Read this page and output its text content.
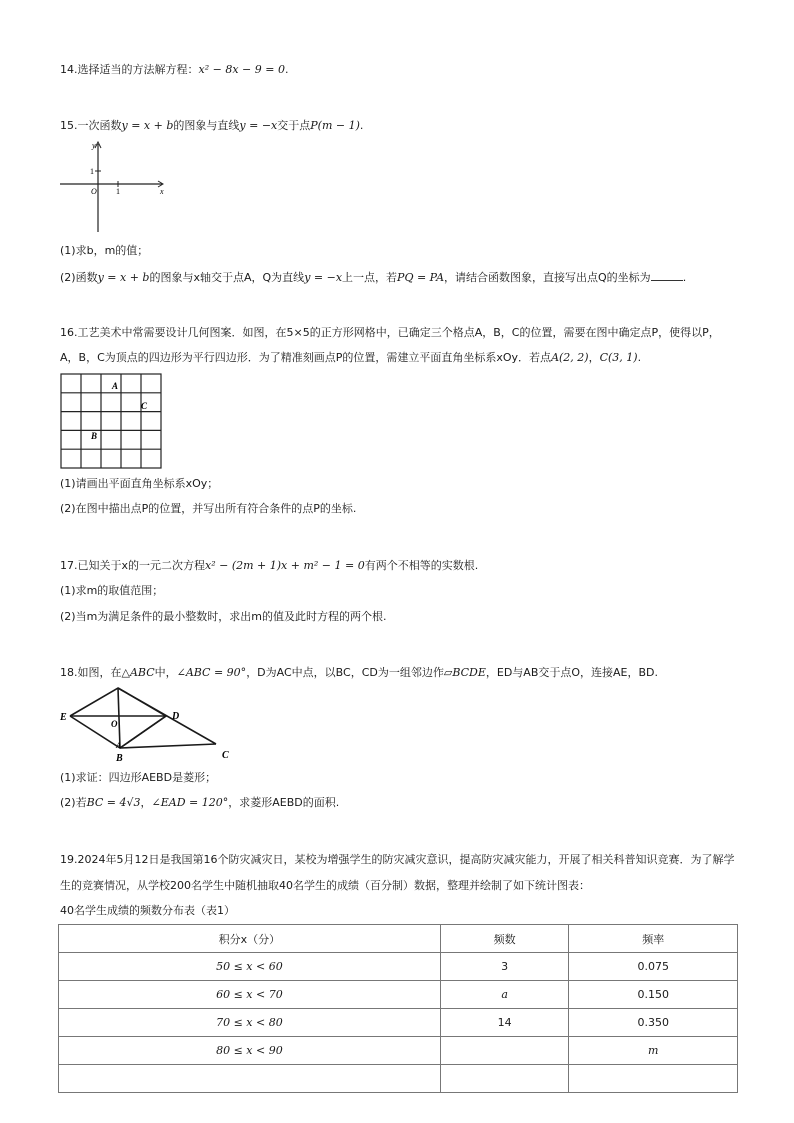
14.选择适当的方法解方程：x² − 8x − 9 = 0.
15.一次函数y = x + b的图象与直线y = −x交于点P(m − 1).
y
x
O 1
1
(1)求b，m的值；
(2)函数y = x + b的图象与x轴交于点A，Q为直线y = −x上一点，若PQ = PA，请结合函数图象，直接写出点Q的坐标为	.
16.工艺美术中常需要设计几何图案．如图，在5×5的正方形网格中，已确定三个格点A，B，C的位置，需要在图中确定点P，使得以P，
A，B，C为顶点的四边形为平行四边形．为了精准刻画点P的位置，需建立平面直角坐标系xOy．若点A(2, 2)，C(3, 1).
A
C
B
(1)请画出平面直角坐标系xOy；
(2)在图中描出点P的位置，并写出所有符合条件的点P的坐标.
17.已知关于x的一元二次方程x² − (2m + 1)x + m² − 1 = 0有两个不相等的实数根.
(1)求m的取值范围；
(2)当m为满足条件的最小整数时，求出m的值及此时方程的两个根.
18.如图，在△ABC中，∠ABC = 90°，D为AC中点，以BC，CD为一组邻边作▱BCDE，ED与AB交于点O，连接AE，BD.
E
O
D
A
B	C
(1)求证：四边形AEBD是菱形；
(2)若BC = 4√3，∠EAD = 120°，求菱形AEBD的面积.
19.2024年5月12日是我国第16个防灾减灾日，某校为增强学生的防灾减灾意识，提高防灾减灾能力，开展了相关科普知识竞赛．为了解学
生的竞赛情况，从学校200名学生中随机抽取40名学生的成绩（百分制）数据，整理并绘制了如下统计图表：
40名学生成绩的频数分布表（表1）
积分x（分）	频数	频率
50 ≤ x < 60	3	0.075
60 ≤ x < 70	a	0.150
70 ≤ x < 80	14	0.350
80 ≤ x < 90		m
